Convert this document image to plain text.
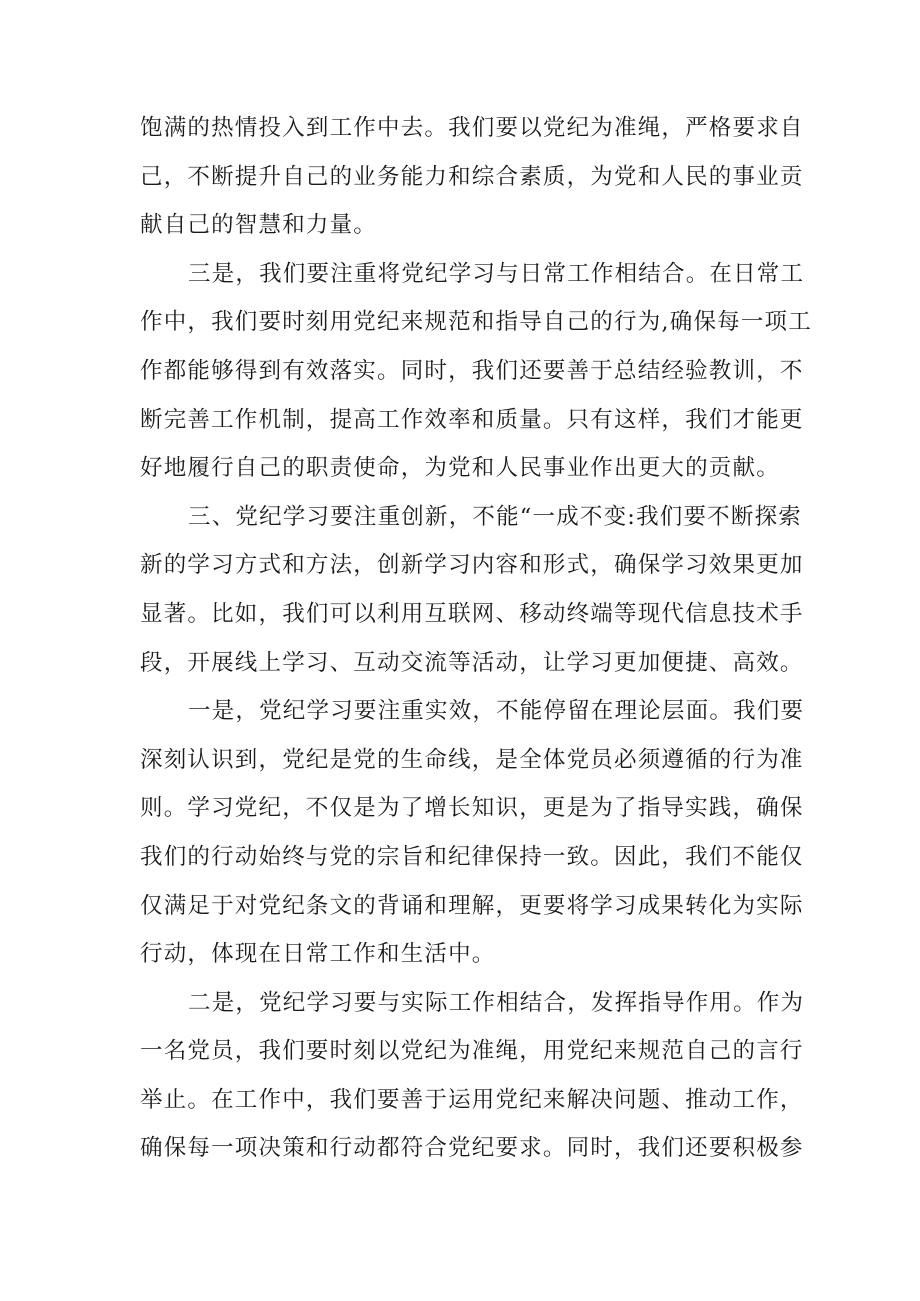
饱满的热情投入到工作中去。我们要以党纪为准绳，严格要求自
己，不断提升自己的业务能力和综合素质，为党和人民的事业贡
献自己的智慧和力量。
三是，我们要注重将党纪学习与日常工作相结合。在日常工
作中，我们要时刻用党纪来规范和指导自己的行为,确保每一项工
作都能够得到有效落实。同时，我们还要善于总结经验教训，不
断完善工作机制，提高工作效率和质量。只有这样，我们才能更
好地履行自己的职责使命，为党和人民事业作出更大的贡献。
三、党纪学习要注重创新，不能“一成不变:我们要不断探索
新的学习方式和方法，创新学习内容和形式，确保学习效果更加
显著。比如，我们可以利用互联网、移动终端等现代信息技术手
段，开展线上学习、互动交流等活动，让学习更加便捷、高效。
一是，党纪学习要注重实效，不能停留在理论层面。我们要
深刻认识到，党纪是党的生命线，是全体党员必须遵循的行为准
则。学习党纪，不仅是为了增长知识，更是为了指导实践，确保
我们的行动始终与党的宗旨和纪律保持一致。因此，我们不能仅
仅满足于对党纪条文的背诵和理解，更要将学习成果转化为实际
行动，体现在日常工作和生活中。
二是，党纪学习要与实际工作相结合，发挥指导作用。作为
一名党员，我们要时刻以党纪为准绳，用党纪来规范自己的言行
举止。在工作中，我们要善于运用党纪来解决问题、推动工作，
确保每一项决策和行动都符合党纪要求。同时，我们还要积极参
